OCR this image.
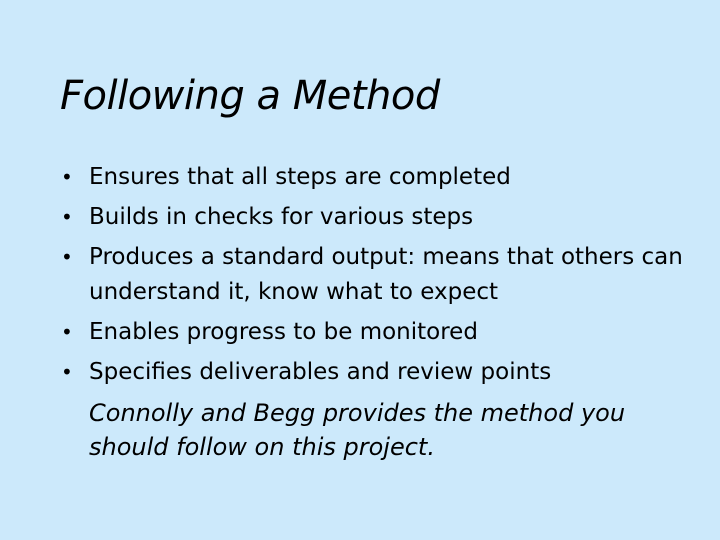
Following a Method
• Ensures that all steps are completed
• Builds in checks for various steps
• Produces a standard output: means that others can understand it, know what to expect
• Enables progress to be monitored
• Specifies deliverables and review points
Connolly and Begg provides the method you should follow on this project.
